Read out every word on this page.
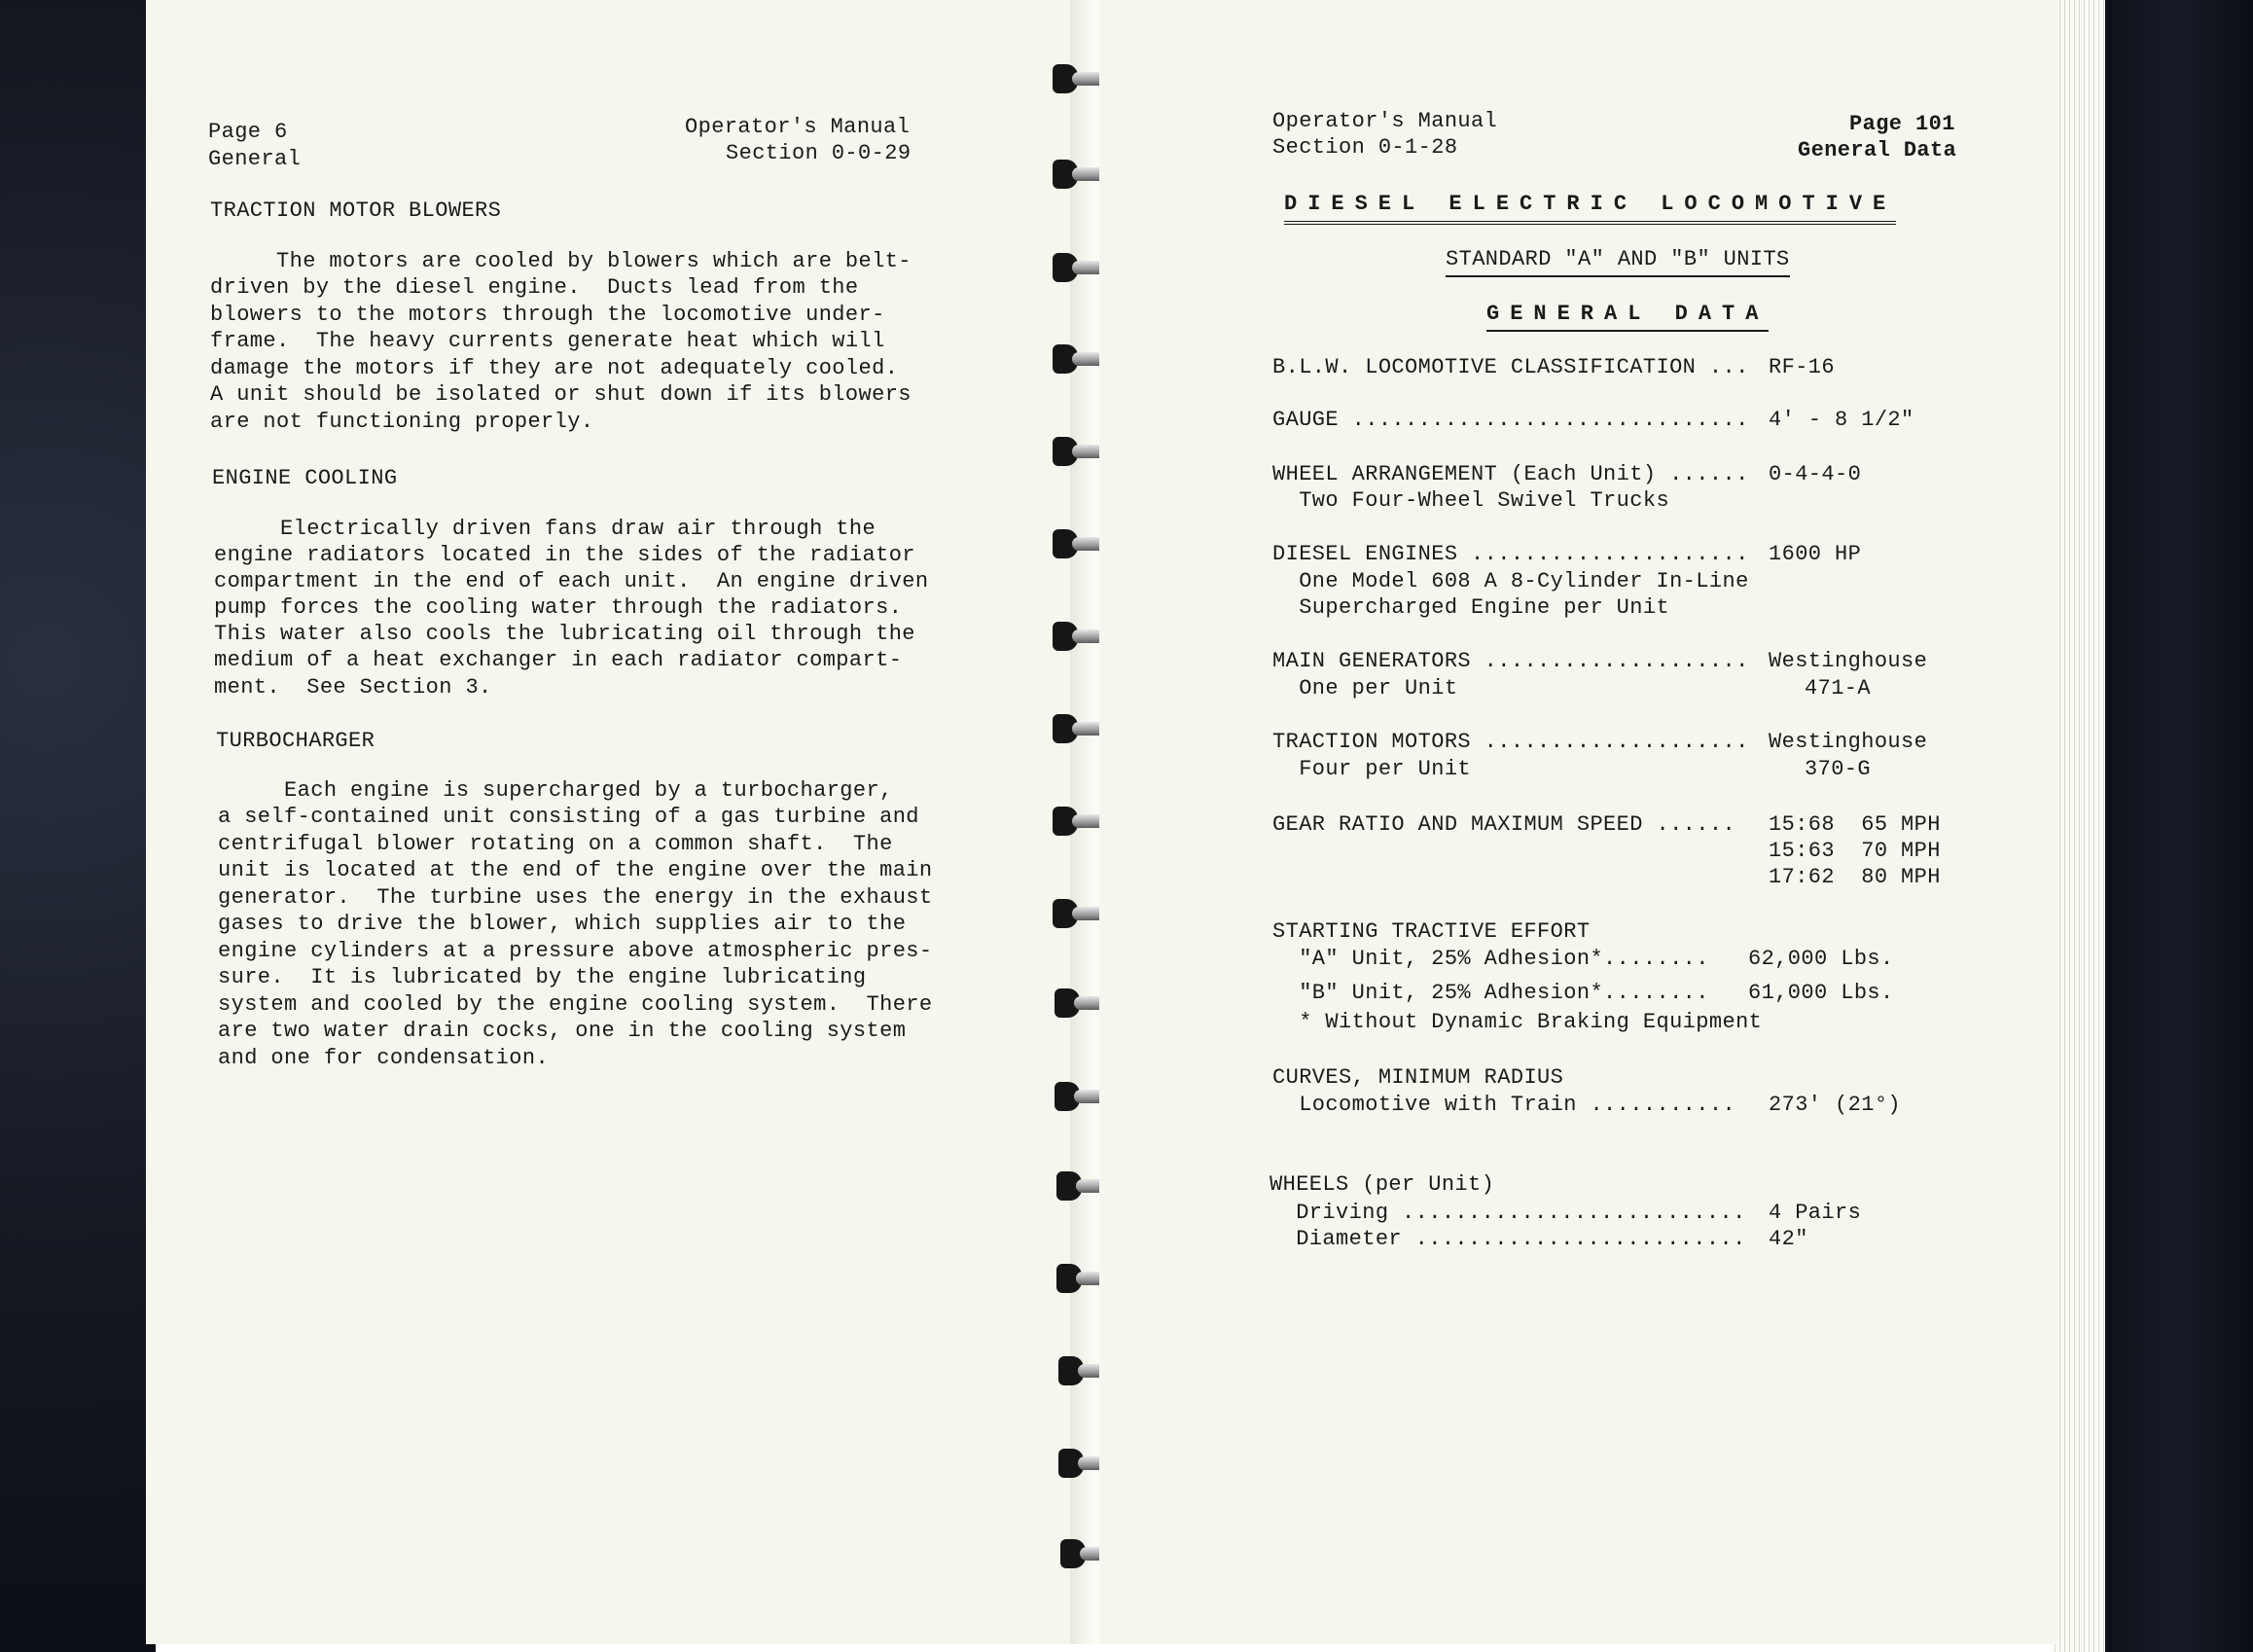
Page 6
General
Operator's Manual
Section 0-0-29
TRACTION MOTOR BLOWERS
The motors are cooled by blowers which are belt-
driven by the diesel engine.  Ducts lead from the
blowers to the motors through the locomotive under-
frame.  The heavy currents generate heat which will
damage the motors if they are not adequately cooled.
A unit should be isolated or shut down if its blowers
are not functioning properly.
ENGINE COOLING
Electrically driven fans draw air through the
engine radiators located in the sides of the radiator
compartment in the end of each unit.  An engine driven
pump forces the cooling water through the radiators.
This water also cools the lubricating oil through the
medium of a heat exchanger in each radiator compart-
ment.  See Section 3.
TURBOCHARGER
Each engine is supercharged by a turbocharger,
a self-contained unit consisting of a gas turbine and
centrifugal blower rotating on a common shaft.  The
unit is located at the end of the engine over the main
generator.  The turbine uses the energy in the exhaust
gases to drive the blower, which supplies air to the
engine cylinders at a pressure above atmospheric pres-
sure.  It is lubricated by the engine lubricating
system and cooled by the engine cooling system.  There
are two water drain cocks, one in the cooling system
and one for condensation.
Operator's Manual
Section 0-1-28
Page 101
General Data
DIESEL ELECTRIC LOCOMOTIVE
STANDARD "A" AND "B" UNITS
GENERAL DATA
B.L.W. LOCOMOTIVE CLASSIFICATION ... RF-16
GAUGE .............................. 4' - 8 1/2"
WHEEL ARRANGEMENT (Each Unit) ...... 0-4-4-0
Two Four-Wheel Swivel Trucks
DIESEL ENGINES ..................... 1600 HP
One Model 608 A 8-Cylinder In-Line
Supercharged Engine per Unit
MAIN GENERATORS .................... Westinghouse
One per Unit	471-A
TRACTION MOTORS .................... Westinghouse
Four per Unit	370-G
GEAR RATIO AND MAXIMUM SPEED ...... 15:68  65 MPH
15:63  70 MPH
17:62  80 MPH
STARTING TRACTIVE EFFORT
"A" Unit, 25% Adhesion*........ 62,000 Lbs.
"B" Unit, 25% Adhesion*........ 61,000 Lbs.
* Without Dynamic Braking Equipment
CURVES, MINIMUM RADIUS
Locomotive with Train ........... 273' (21°)
WHEELS (per Unit)
Driving .......................... 4 Pairs
Diameter ......................... 42"
